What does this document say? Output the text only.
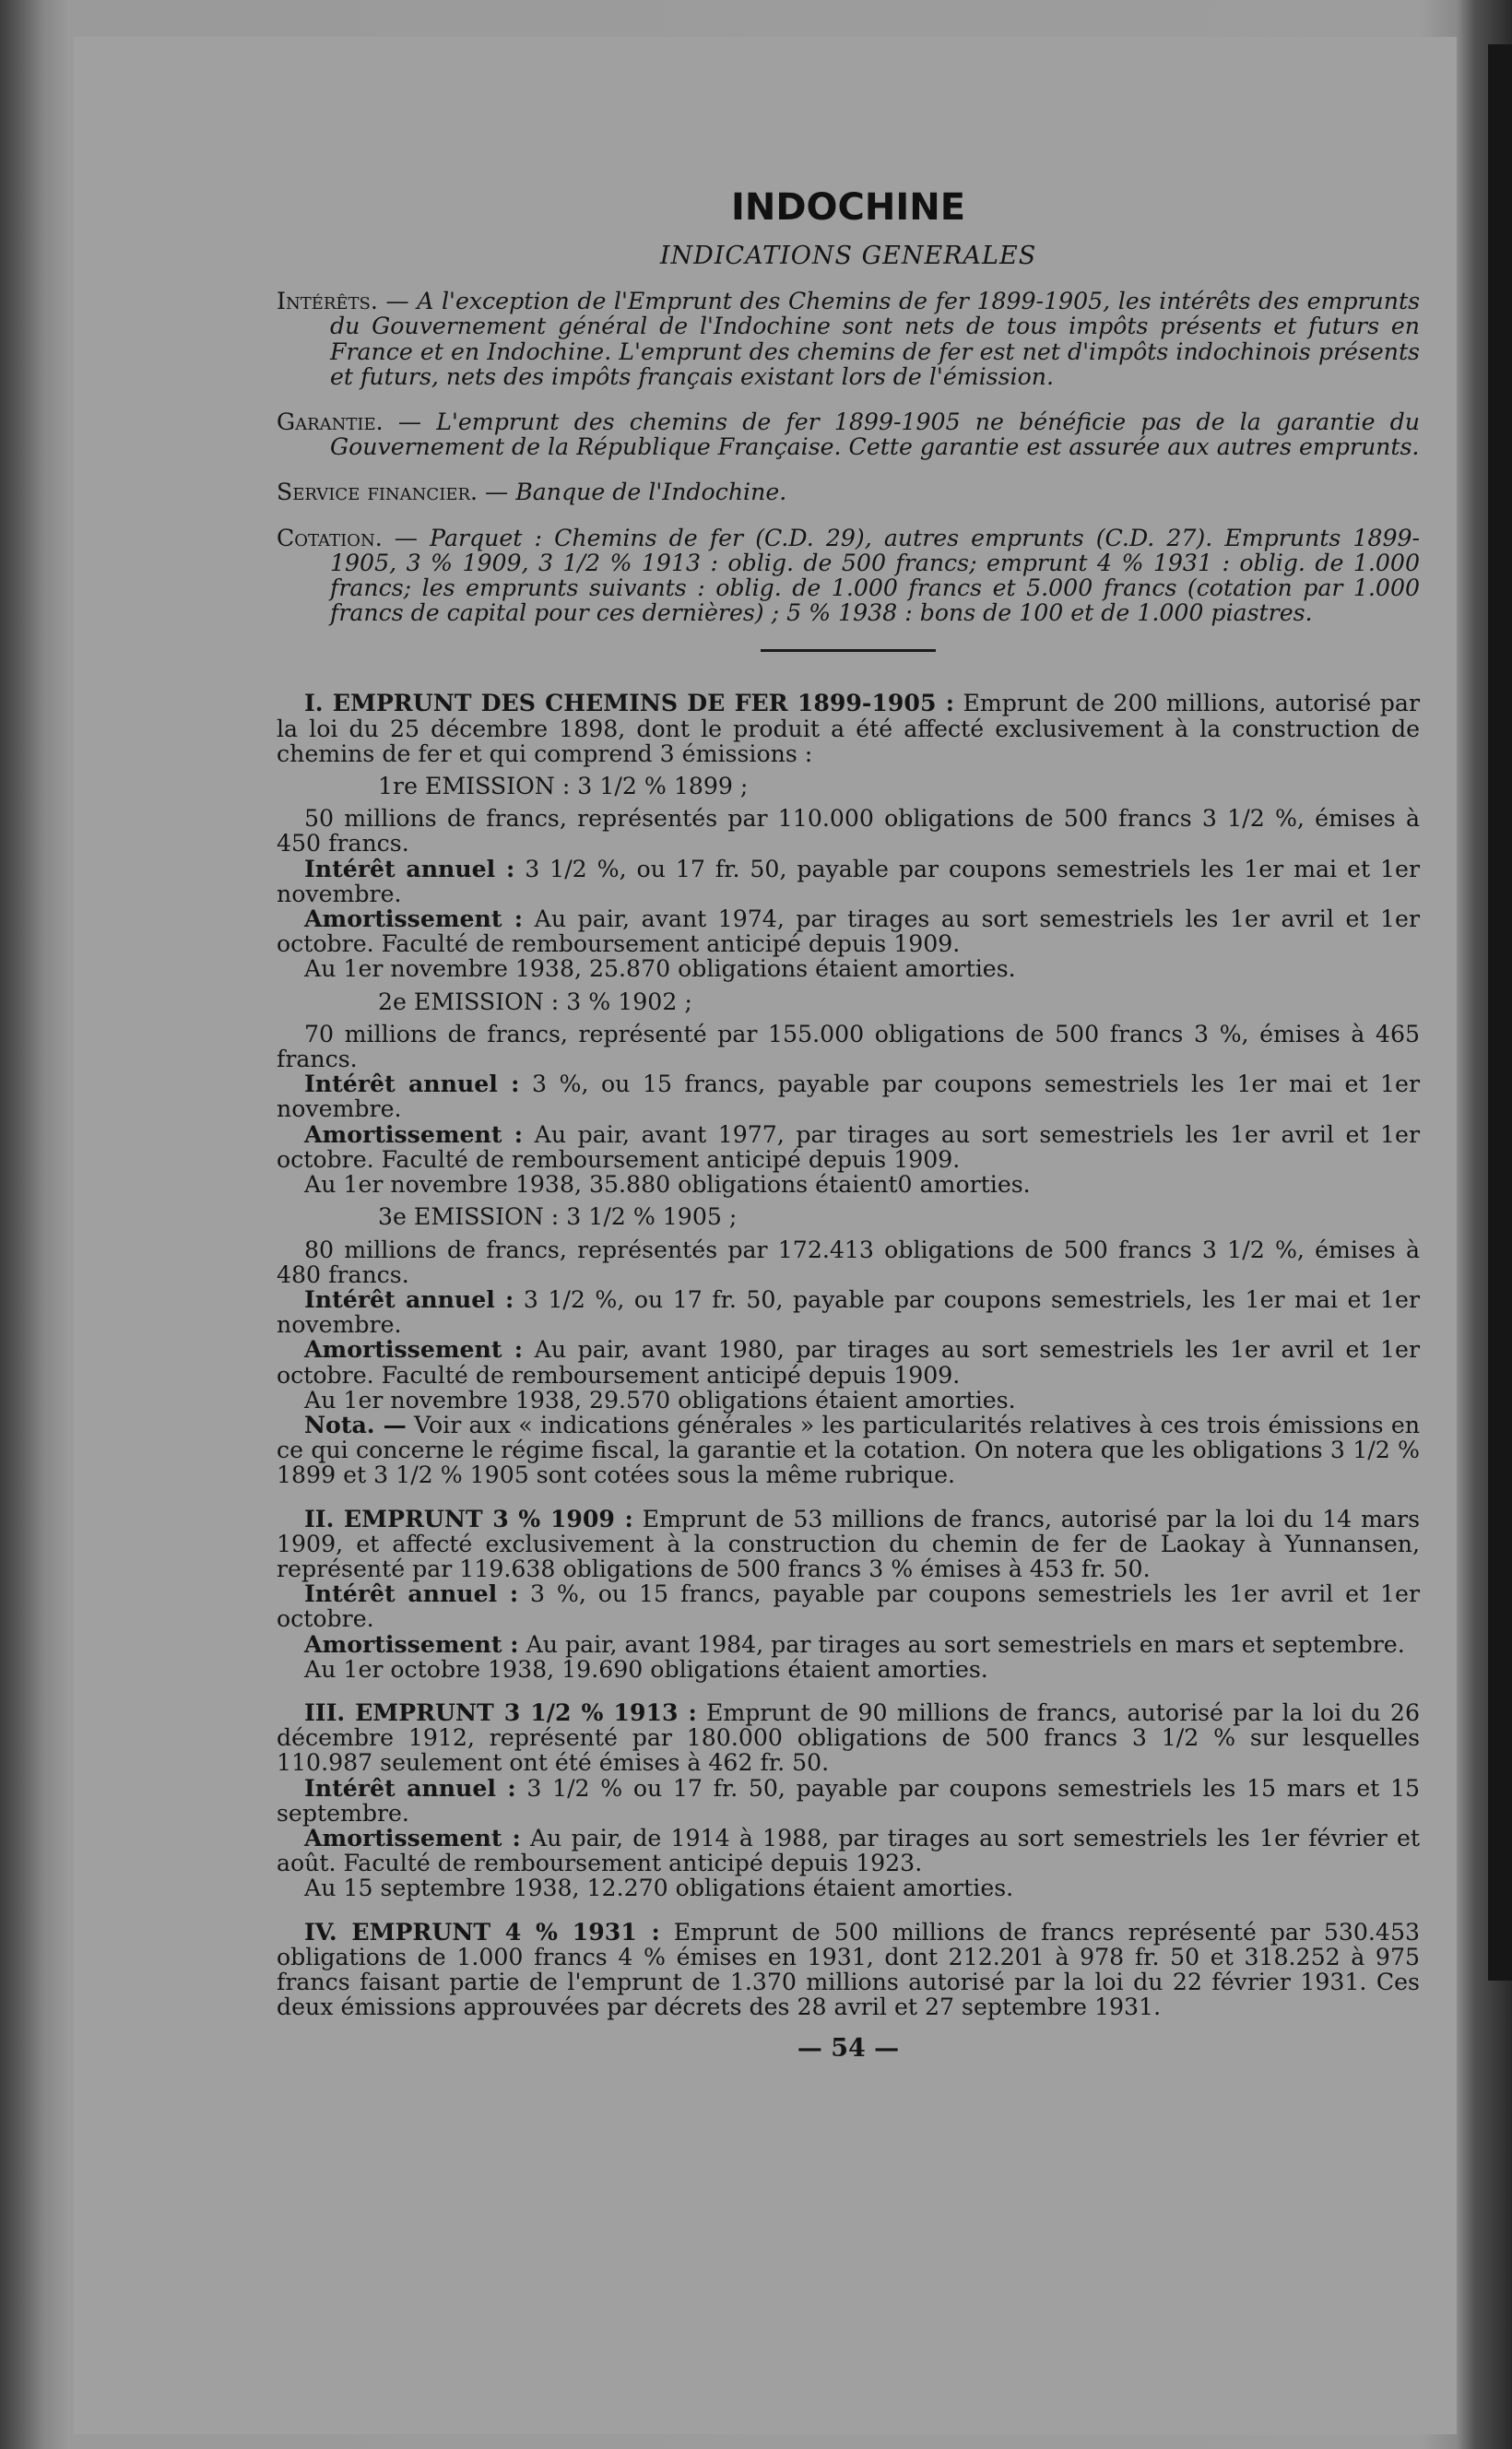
INDOCHINE
INDICATIONS GENERALES
Intérêts. — A l'exception de l'Emprunt des Chemins de fer 1899-1905, les intérêts des emprunts du Gouvernement général de l'Indochine sont nets de tous impôts présents et futurs en France et en Indochine. L'emprunt des chemins de fer est net d'impôts indochinois présents et futurs, nets des impôts français existant lors de l'émission.
Garantie. — L'emprunt des chemins de fer 1899-1905 ne bénéficie pas de la garantie du Gouvernement de la République Française. Cette garantie est assurée aux autres emprunts.
Service financier. — Banque de l'Indochine.
Cotation. — Parquet : Chemins de fer (C.D. 29), autres emprunts (C.D. 27). Emprunts 1899-1905, 3 % 1909, 3 1/2 % 1913 : oblig. de 500 francs; emprunt 4 % 1931 : oblig. de 1.000 francs; les emprunts suivants : oblig. de 1.000 francs et 5.000 francs (cotation par 1.000 francs de capital pour ces dernières) ; 5 % 1938 : bons de 100 et de 1.000 piastres.

I. EMPRUNT DES CHEMINS DE FER 1899-1905 : Emprunt de 200 millions, autorisé par la loi du 25 décembre 1898, dont le produit a été affecté exclusivement à la construction de chemins de fer et qui comprend 3 émissions :

1re EMISSION : 3 1/2 % 1899 ;

50 millions de francs, représentés par 110.000 obligations de 500 francs 3 1/2 %, émises à 450 francs.

Intérêt annuel : 3 1/2 %, ou 17 fr. 50, payable par coupons semestriels les 1er mai et 1er novembre.

Amortissement : Au pair, avant 1974, par tirages au sort semestriels les 1er avril et 1er octobre. Faculté de remboursement anticipé depuis 1909.

Au 1er novembre 1938, 25.870 obligations étaient amorties.

2e EMISSION : 3 % 1902 ;

70 millions de francs, représenté par 155.000 obligations de 500 francs 3 %, émises à 465 francs.

Intérêt annuel : 3 %, ou 15 francs, payable par coupons semestriels les 1er mai et 1er novembre.

Amortissement : Au pair, avant 1977, par tirages au sort semestriels les 1er avril et 1er octobre. Faculté de remboursement anticipé depuis 1909.

Au 1er novembre 1938, 35.880 obligations étaient0 amorties.

3e EMISSION : 3 1/2 % 1905 ;

80 millions de francs, représentés par 172.413 obligations de 500 francs 3 1/2 %, émises à 480 francs.

Intérêt annuel : 3 1/2 %, ou 17 fr. 50, payable par coupons semestriels, les 1er mai et 1er novembre.

Amortissement : Au pair, avant 1980, par tirages au sort semestriels les 1er avril et 1er octobre. Faculté de remboursement anticipé depuis 1909.

Au 1er novembre 1938, 29.570 obligations étaient amorties.

Nota. — Voir aux « indications générales » les particularités relatives à ces trois émissions en ce qui concerne le régime fiscal, la garantie et la cotation. On notera que les obligations 3 1/2 % 1899 et 3 1/2 % 1905 sont cotées sous la même rubrique.

II. EMPRUNT 3 % 1909 : Emprunt de 53 millions de francs, autorisé par la loi du 14 mars 1909, et affecté exclusivement à la construction du chemin de fer de Laokay à Yunnansen, représenté par 119.638 obligations de 500 francs 3 % émises à 453 fr. 50.

Intérêt annuel : 3 %, ou 15 francs, payable par coupons semestriels les 1er avril et 1er octobre.

Amortissement : Au pair, avant 1984, par tirages au sort semestriels en mars et septembre.

Au 1er octobre 1938, 19.690 obligations étaient amorties.

III. EMPRUNT 3 1/2 % 1913 : Emprunt de 90 millions de francs, autorisé par la loi du 26 décembre 1912, représenté par 180.000 obligations de 500 francs 3 1/2 % sur lesquelles 110.987 seulement ont été émises à 462 fr. 50.

Intérêt annuel : 3 1/2 % ou 17 fr. 50, payable par coupons semestriels les 15 mars et 15 septembre.

Amortissement : Au pair, de 1914 à 1988, par tirages au sort semestriels les 1er février et août. Faculté de remboursement anticipé depuis 1923.

Au 15 septembre 1938, 12.270 obligations étaient amorties.

IV. EMPRUNT 4 % 1931 : Emprunt de 500 millions de francs représenté par 530.453 obligations de 1.000 francs 4 % émises en 1931, dont 212.201 à 978 fr. 50 et 318.252 à 975 francs faisant partie de l'emprunt de 1.370 millions autorisé par la loi du 22 février 1931. Ces deux émissions approuvées par décrets des 28 avril et 27 septembre 1931.

— 54 —
